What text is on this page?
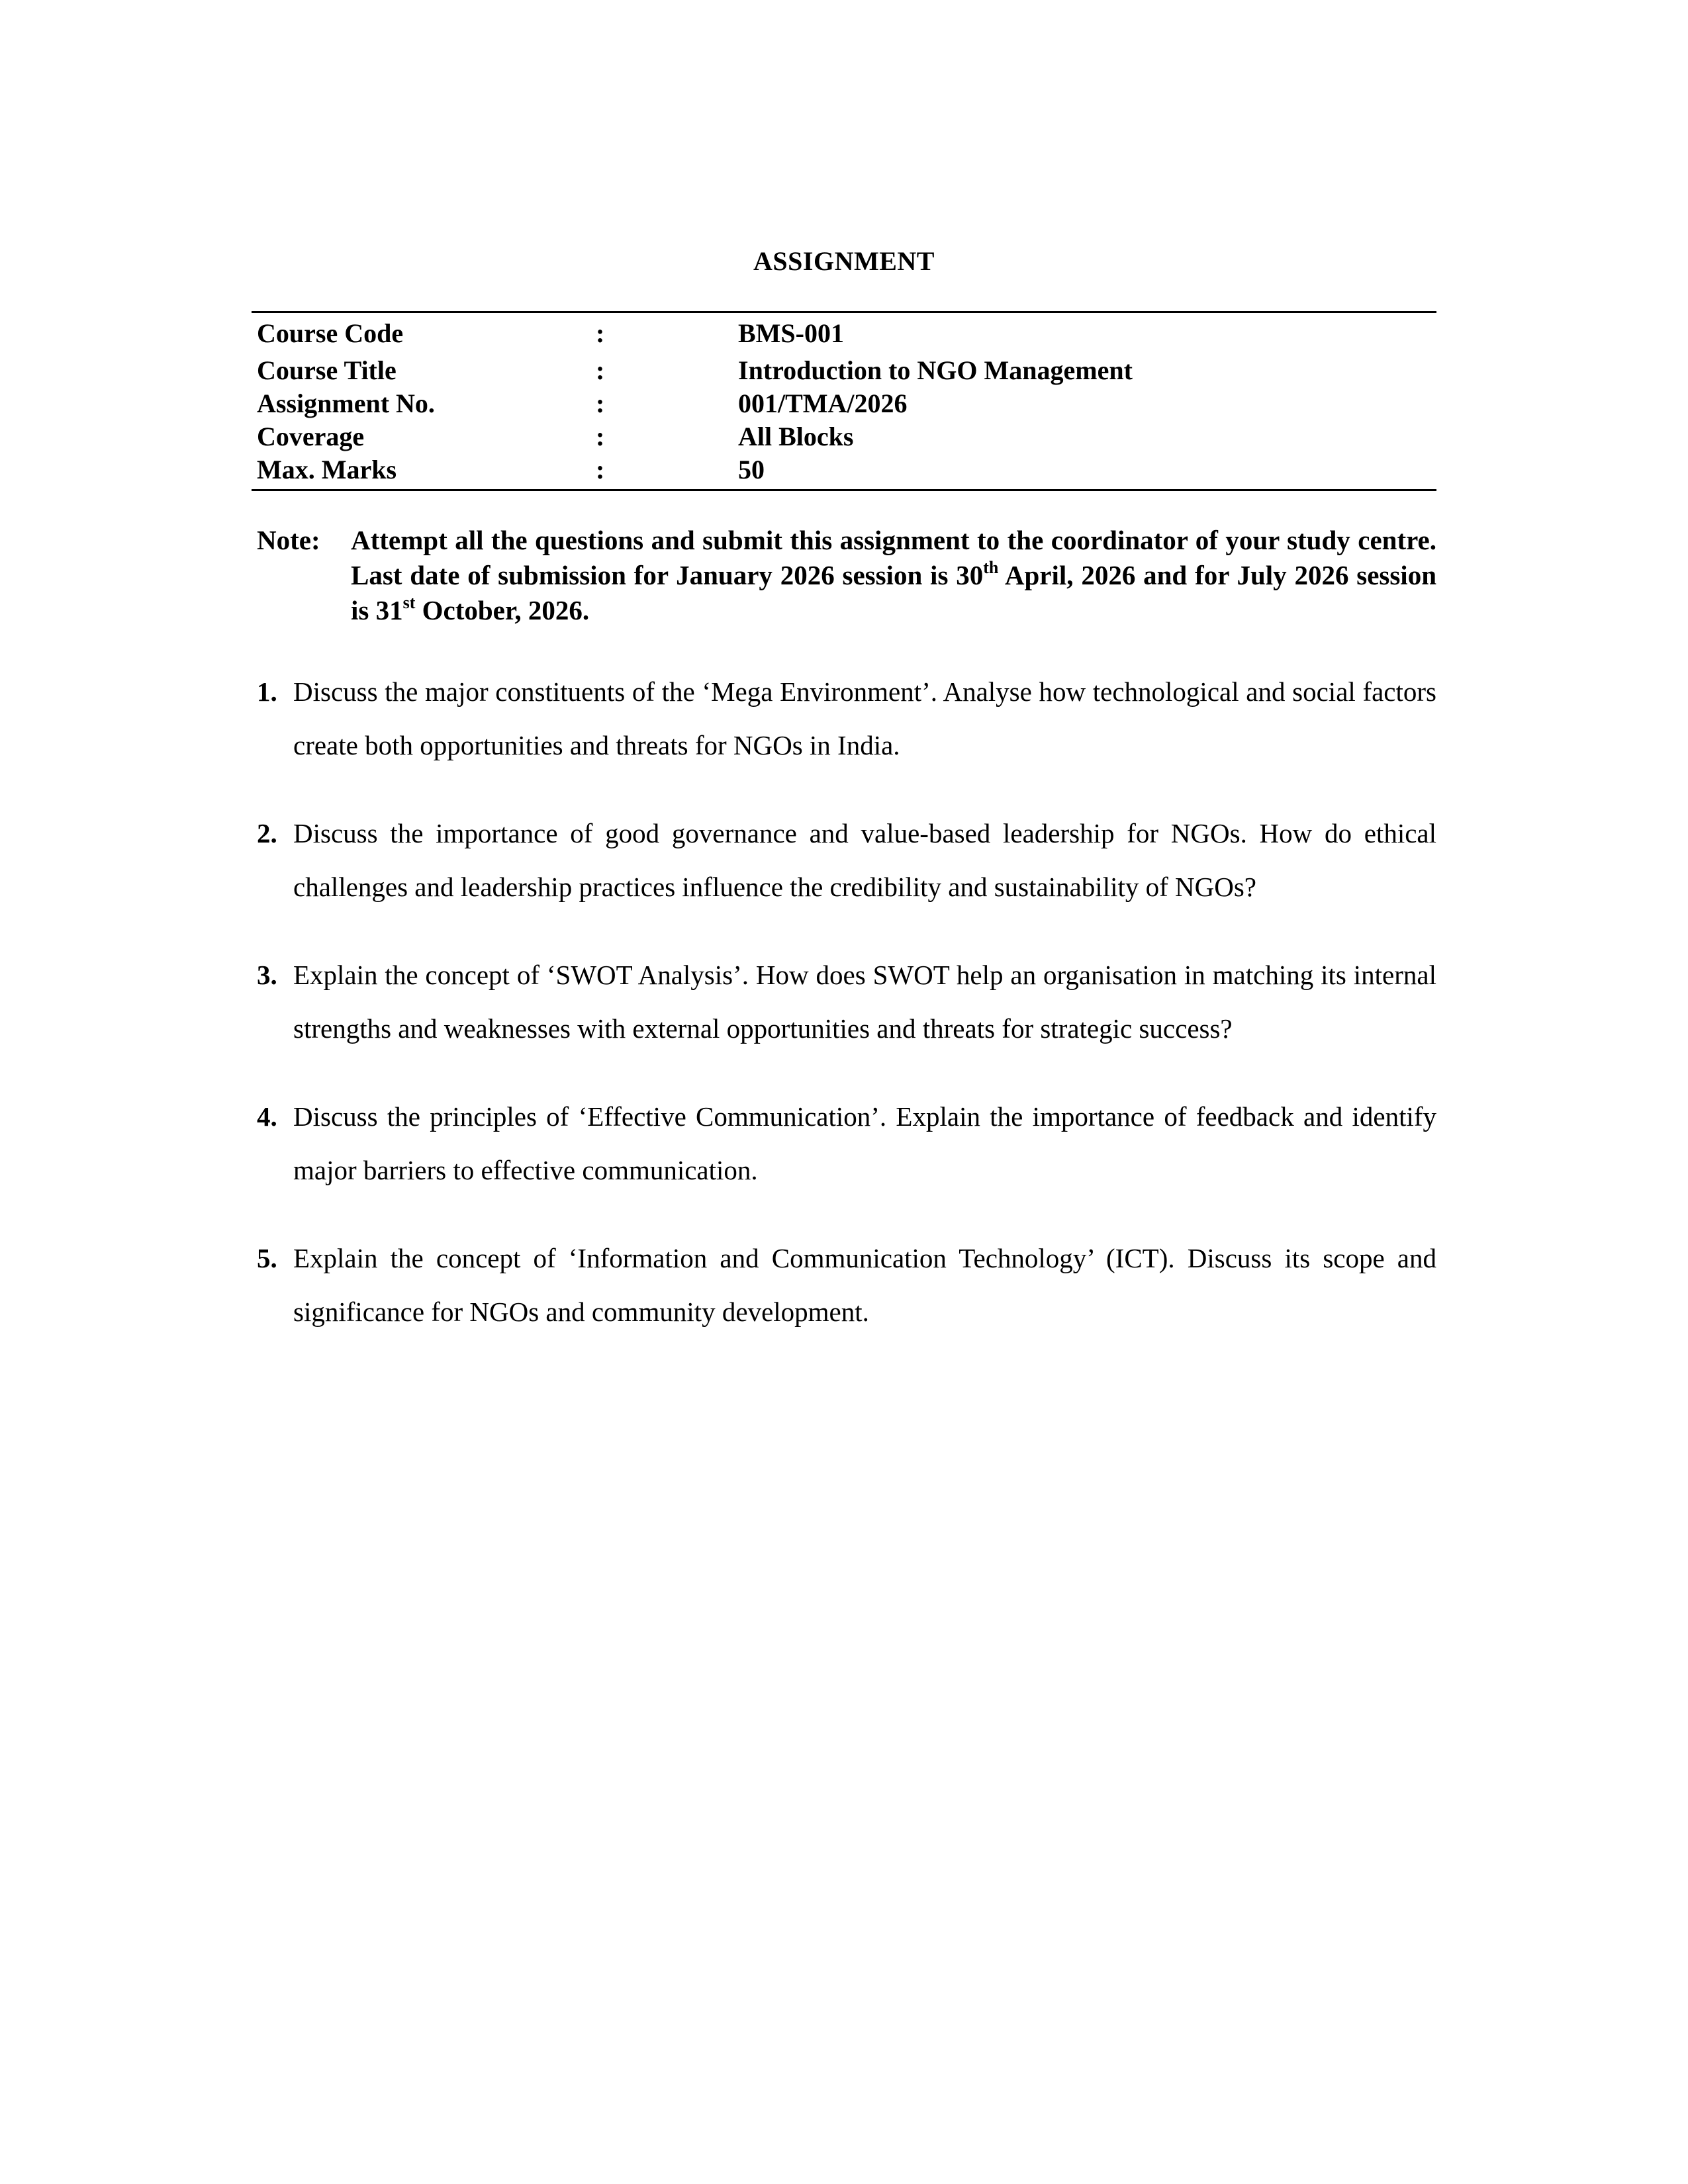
ASSIGNMENT
Course Code	:	BMS-001
Course Title	:	Introduction to NGO Management
Assignment No.	:	001/TMA/2026
Coverage	:	All Blocks
Max. Marks	:	50
Note: Attempt all the questions and submit this assignment to the coordinator of your study centre. Last date of submission for January 2026 session is 30th April, 2026 and for July 2026 session is 31st October, 2026.
1. Discuss the major constituents of the ‘Mega Environment’. Analyse how technological and social factors create both opportunities and threats for NGOs in India.
2. Discuss the importance of good governance and value-based leadership for NGOs. How do ethical challenges and leadership practices influence the credibility and sustainability of NGOs?
3. Explain the concept of ‘SWOT Analysis’. How does SWOT help an organisation in matching its internal strengths and weaknesses with external opportunities and threats for strategic success?
4. Discuss the principles of ‘Effective Communication’. Explain the importance of feedback and identify major barriers to effective communication.
5. Explain the concept of ‘Information and Communication Technology’ (ICT). Discuss its scope and significance for NGOs and community development.
